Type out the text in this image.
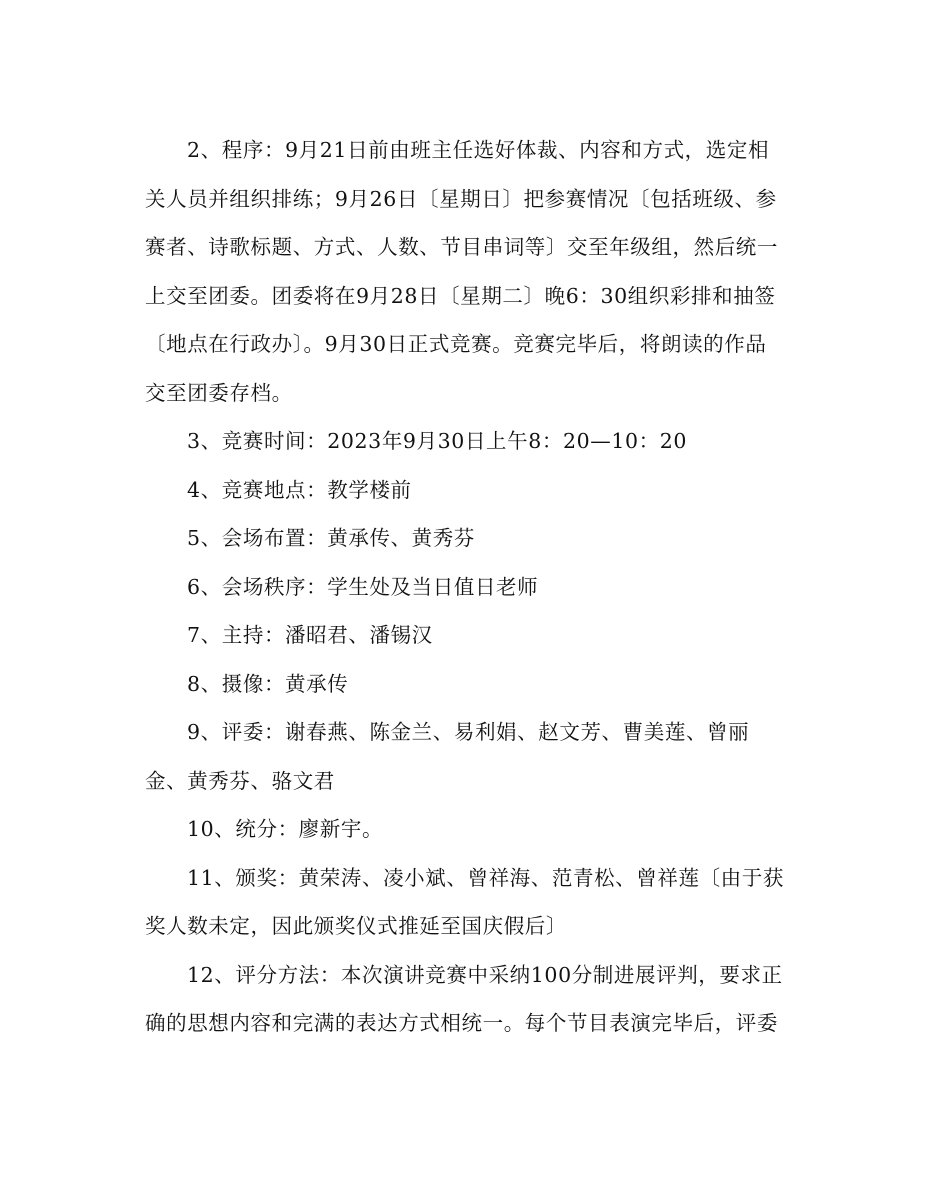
2、程序：9月21日前由班主任选好体裁、内容和方式，选定相
关人员并组织排练；9月26日〔星期日〕把参赛情况〔包括班级、参
赛者、诗歌标题、方式、人数、节目串词等〕交至年级组，然后统一
上交至团委。团委将在9月28日〔星期二〕晚6：30组织彩排和抽签
〔地点在行政办〕。9月30日正式竞赛。竞赛完毕后，将朗读的作品
交至团委存档。

3、竞赛时间：2023年9月30日上午8：20—10：20

4、竞赛地点：教学楼前

5、会场布置：黄承传、黄秀芬

6、会场秩序：学生处及当日值日老师

7、主持：潘昭君、潘锡汉

8、摄像：黄承传

9、评委：谢春燕、陈金兰、易利娟、赵文芳、曹美莲、曾丽
金、黄秀芬、骆文君

10、统分：廖新宇。

11、颁奖：黄荣涛、凌小斌、曾祥海、范青松、曾祥莲〔由于获
奖人数未定，因此颁奖仪式推延至国庆假后〕

12、评分方法：本次演讲竞赛中采纳100分制进展评判，要求正
确的思想内容和完满的表达方式相统一。每个节目表演完毕后，评委
